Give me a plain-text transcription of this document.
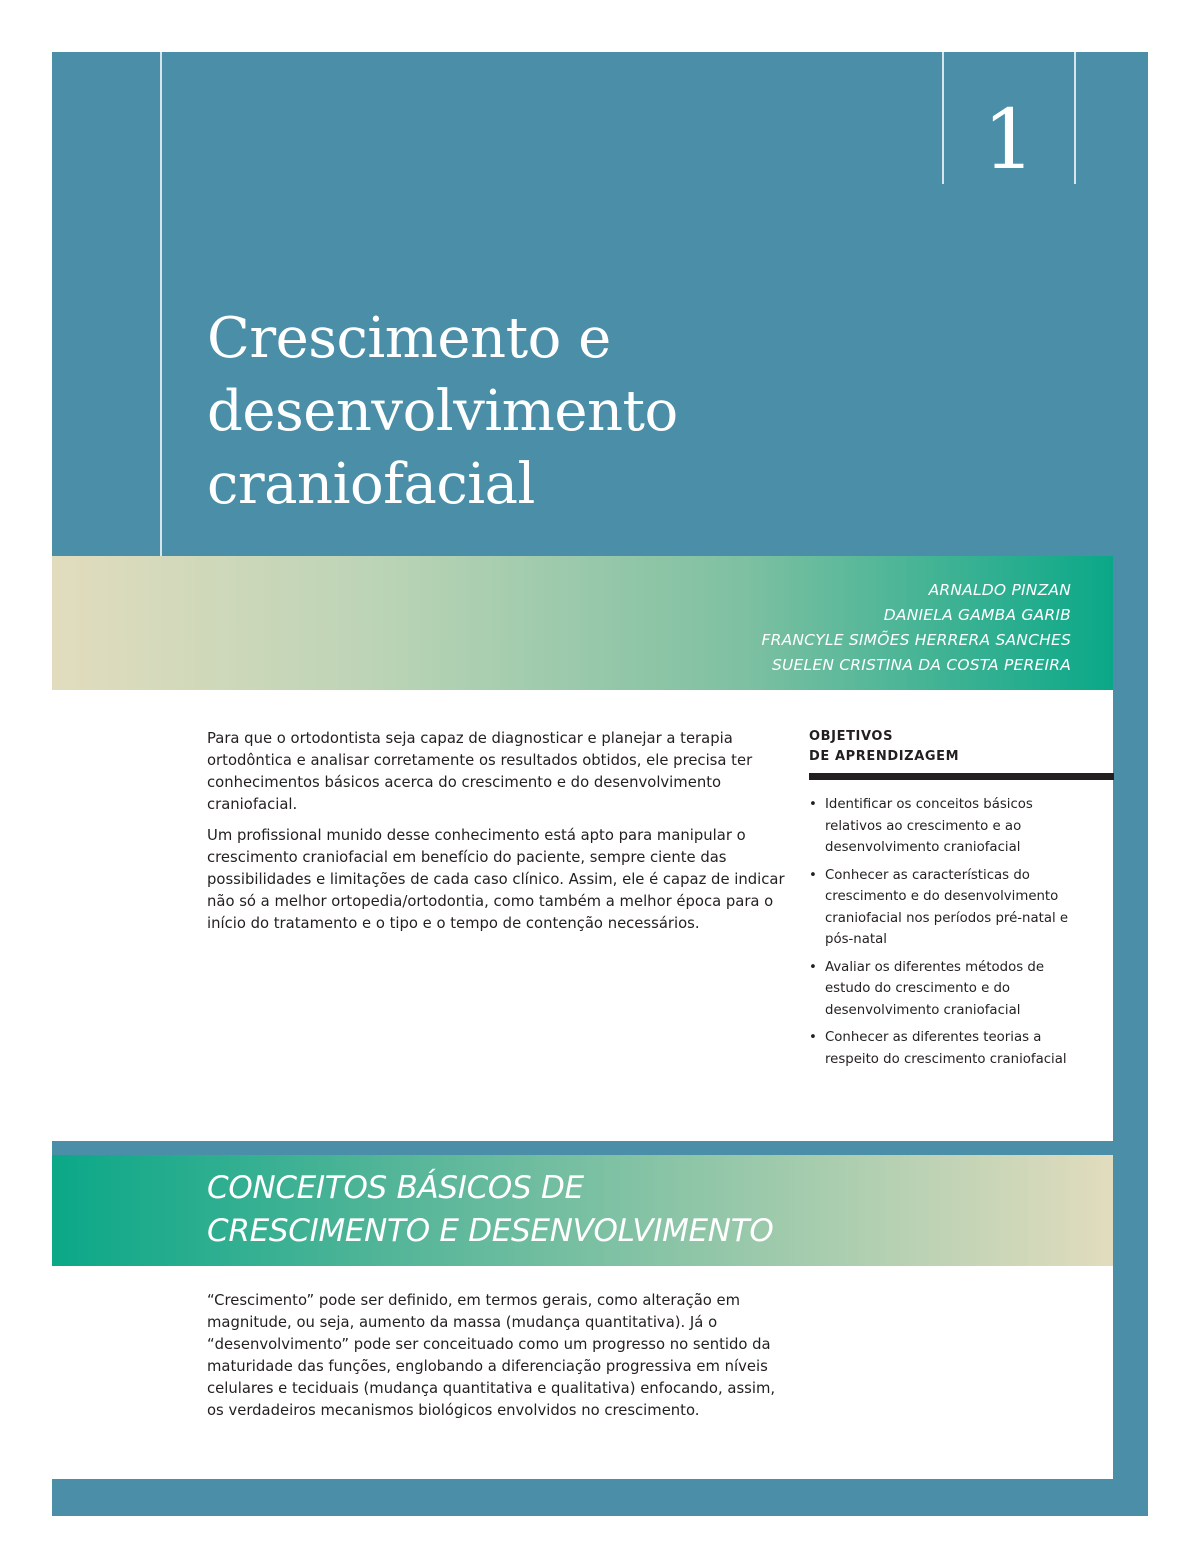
1
Crescimento e
desenvolvimento
craniofacial
ARNALDO PINZAN
DANIELA GAMBA GARIB
FRANCYLE SIMÕES HERRERA SANCHES
SUELEN CRISTINA DA COSTA PEREIRA

Para que o ortodontista seja capaz de diagnosticar e planejar a terapia ortodôntica e analisar corretamente os resultados obtidos, ele precisa ter conhecimentos básicos acerca do crescimento e do desenvolvimento craniofacial.

Um profissional munido desse conhecimento está apto para manipular o crescimento craniofacial em benefício do paciente, sempre ciente das possibilidades e limitações de cada caso clínico. Assim, ele é capaz de indicar não só a melhor ortopedia/ortodontia, como também a melhor época para o início do tratamento e o tipo e o tempo de contenção necessários.

OBJETIVOS
DE APRENDIZAGEM
• Identificar os conceitos básicos relativos ao crescimento e ao desenvolvimento craniofacial
• Conhecer as características do crescimento e do desenvolvimento craniofacial nos períodos pré-natal e pós-natal
• Avaliar os diferentes métodos de estudo do crescimento e do desenvolvimento craniofacial
• Conhecer as diferentes teorias a respeito do crescimento craniofacial
CONCEITOS BÁSICOS DE
CRESCIMENTO E DESENVOLVIMENTO

“Crescimento” pode ser definido, em termos gerais, como alteração em magnitude, ou seja, aumento da massa (mudança quantitativa). Já o “desenvolvimento” pode ser conceituado como um progresso no sentido da maturidade das funções, englobando a diferenciação progressiva em níveis celulares e teciduais (mudança quantitativa e qualitativa) enfocando, assim, os verdadeiros mecanismos biológicos envolvidos no crescimento.
